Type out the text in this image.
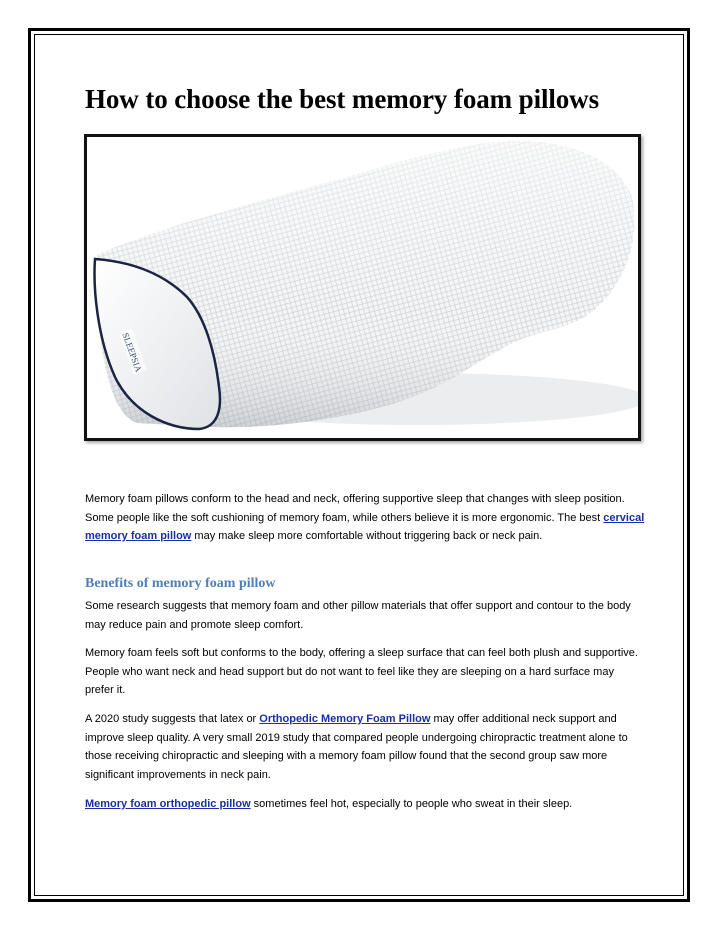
How to choose the best memory foam pillows
SLEEPSIA

Memory foam pillows conform to the head and neck, offering supportive sleep that changes with sleep position. Some people like the soft cushioning of memory foam, while others believe it is more ergonomic. The best cervical memory foam pillow may make sleep more comfortable without triggering back or neck pain.

Benefits of memory foam pillow

Some research suggests that memory foam and other pillow materials that offer support and contour to the body may reduce pain and promote sleep comfort.

Memory foam feels soft but conforms to the body, offering a sleep surface that can feel both plush and supportive. People who want neck and head support but do not want to feel like they are sleeping on a hard surface may prefer it.

A 2020 study suggests that latex or Orthopedic Memory Foam Pillow may offer additional neck support and improve sleep quality. A very small 2019 study that compared people undergoing chiropractic treatment alone to those receiving chiropractic and sleeping with a memory foam pillow found that the second group saw more significant improvements in neck pain.

Memory foam orthopedic pillow sometimes feel hot, especially to people who sweat in their sleep.
